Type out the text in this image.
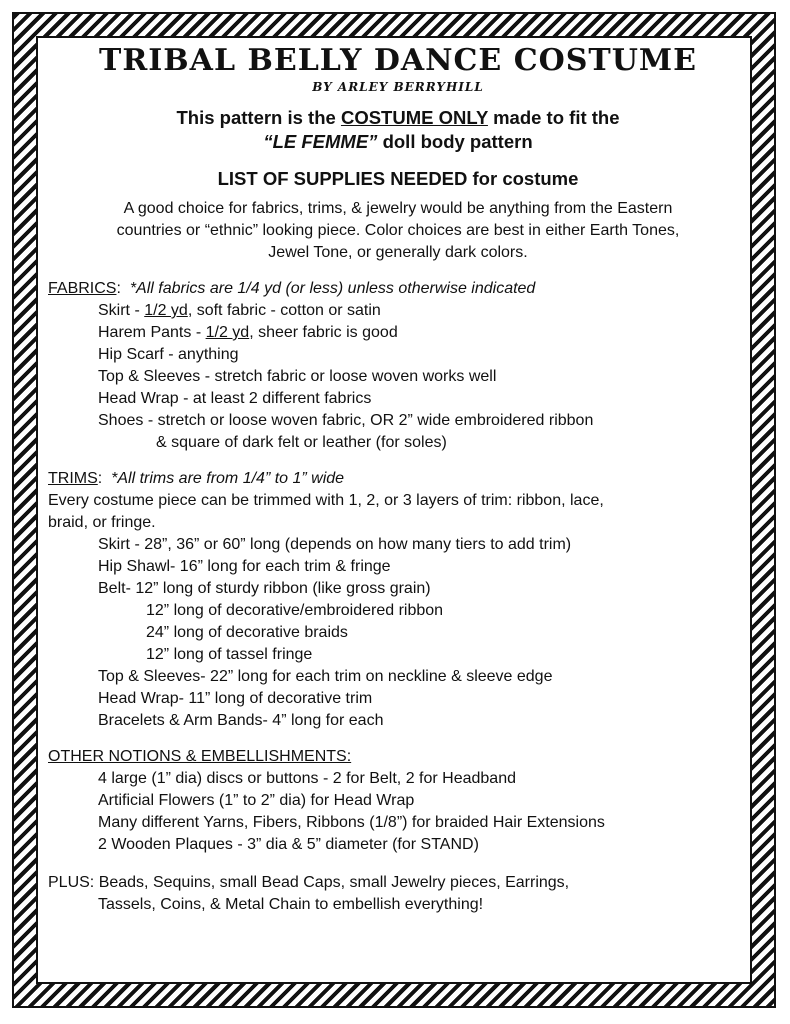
TRIBAL BELLY DANCE COSTUME
BY ARLEY BERRYHILL
This pattern is the COSTUME ONLY made to fit the
“LE FEMME” doll body pattern
LIST OF SUPPLIES NEEDED for costume
A good choice for fabrics, trims, & jewelry would be anything from the Eastern
countries or “ethnic” looking piece. Color choices are best in either Earth Tones,
Jewel Tone, or generally dark colors.
FABRICS:  *All fabrics are 1/4 yd (or less) unless otherwise indicated
Skirt - 1/2 yd, soft fabric - cotton or satin
Harem Pants - 1/2 yd, sheer fabric is good
Hip Scarf - anything
Top & Sleeves - stretch fabric or loose woven works well
Head Wrap - at least 2 different fabrics
Shoes - stretch or loose woven fabric, OR 2” wide embroidered ribbon
& square of dark felt or leather (for soles)
TRIMS:  *All trims are from 1/4” to 1” wide
Every costume piece can be trimmed with 1, 2, or 3 layers of trim: ribbon, lace,
braid, or fringe.
Skirt - 28”, 36” or 60” long (depends on how many tiers to add trim)
Hip Shawl- 16” long for each trim & fringe
Belt- 12” long of sturdy ribbon (like gross grain)
12” long of decorative/embroidered ribbon
24” long of decorative braids
12” long of tassel fringe
Top & Sleeves- 22” long for each trim on neckline & sleeve edge
Head Wrap- 11” long of decorative trim
Bracelets & Arm Bands- 4” long for each
OTHER NOTIONS & EMBELLISHMENTS:
4 large (1” dia) discs or buttons - 2 for Belt, 2 for Headband
Artificial Flowers (1” to 2” dia) for Head Wrap
Many different Yarns, Fibers, Ribbons (1/8”) for braided Hair Extensions
2 Wooden Plaques - 3” dia & 5” diameter (for STAND)
PLUS: Beads, Sequins, small Bead Caps, small Jewelry pieces, Earrings,
Tassels, Coins, & Metal Chain to embellish everything!
